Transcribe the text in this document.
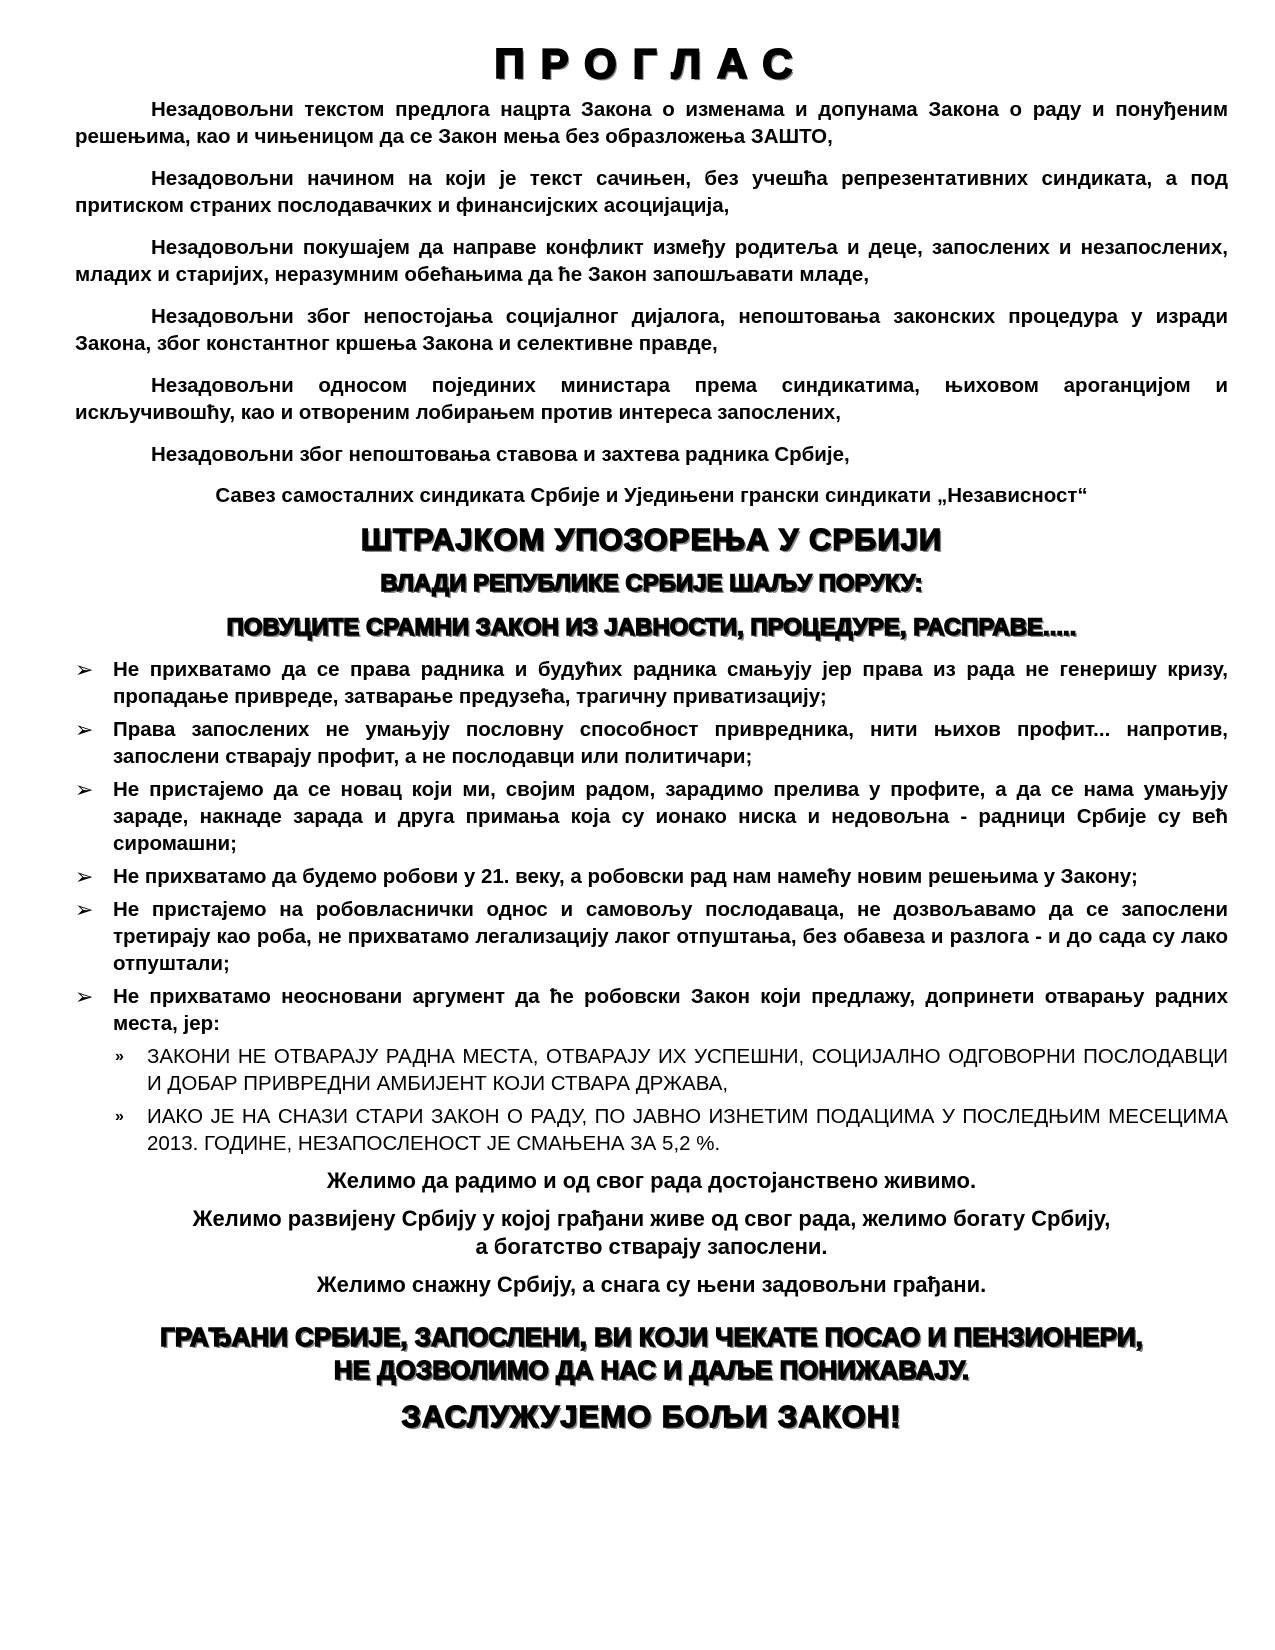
ПРОГЛАС

Незадовољни текстом предлога нацрта Закона о изменама и допунама Закона о раду и понуђеним решењима, као и чињеницом да се Закон мења без образложења ЗАШТО,

Незадовољни начином на који је текст сачињен, без учешћа репрезентативних синдиката, а под притиском страних послодавачких и финансијских асоцијација,

Незадовољни покушајем да направе конфликт између родитеља и деце, запослених и незапослених, младих и старијих, неразумним обећањима да ће Закон запошљавати младе,

Незадовољни због непостојања социјалног дијалога, непоштовања законских процедура у изради Закона, због константног кршења Закона и селективне правде,

Незадовољни односом појединих министара према синдикатима, њиховом ароганцијом и искључивошћу, као и отвореним лобирањем против интереса запослених,

Незадовољни због непоштовања ставова и захтева радника Србије,

Савез самосталних синдиката Србије и Уједињени грански синдикати „Независност“

ШТРАЈКОМ УПОЗОРЕЊА У СРБИЈИ
ВЛАДИ РЕПУБЛИКЕ СРБИЈЕ ШАЉУ ПОРУКУ:
ПОВУЦИТЕ СРАМНИ ЗАКОН ИЗ ЈАВНОСТИ, ПРОЦЕДУРЕ, РАСПРАВЕ.....
➢ Не прихватамо да се права радника и будућих радника смањују јер права из рада не генеришу кризу, пропадање привреде, затварање предузећа, трагичну приватизацију;
➢ Права запослених не умањују пословну способност привредника, нити њихов профит... напротив, запослени стварају профит, а не послодавци или политичари;
➢ Не пристајемо да се новац који ми, својим радом, зарадимо прелива у профите, а да се нама умањују зараде, накнаде зарада и друга примања која су ионако ниска и недовољна - радници Србије су већ сиромашни;
➢ Не прихватамо да будемо робови у 21. веку, а робовски рад нам намећу новим решењима у Закону;
➢ Не пристајемо на робовласнички однос и самовољу послодаваца, не дозвољавамо да се запослени третирају као роба, не прихватамо легализацију лаког отпуштања, без обавеза и разлога - и до сада су лако отпуштали;
➢ Не прихватамо неосновани аргумент да ће робовски Закон који предлажу, допринети отварању радних места, јер:
» ЗАКОНИ НЕ ОТВАРАЈУ РАДНА МЕСТА, ОТВАРАЈУ ИХ УСПЕШНИ, СОЦИЈАЛНО ОДГОВОРНИ ПОСЛОДАВЦИ И ДОБАР ПРИВРЕДНИ АМБИЈЕНТ КОЈИ СТВАРА ДРЖАВА,
» ИАКО ЈЕ НА СНАЗИ СТАРИ ЗАКОН О РАДУ, ПО ЈАВНО ИЗНЕТИМ ПОДАЦИМА У ПОСЛЕДЊИМ МЕСЕЦИМА 2013. ГОДИНЕ, НЕЗАПОСЛЕНОСТ ЈЕ СМАЊЕНА ЗА 5,2 %.

Желимо да радимо и од свог рада достојанствено живимо.

Желимо развијену Србију у којој грађани живе од свог рада, желимо богату Србију,
а богатство стварају запослени.

Желимо снажну Србију, а снага су њени задовољни грађани.

ГРАЂАНИ СРБИЈЕ, ЗАПОСЛЕНИ, ВИ КОЈИ ЧЕКАТЕ ПОСАО И ПЕНЗИОНЕРИ,
НЕ ДОЗВОЛИМО ДА НАС И ДАЉЕ ПОНИЖАВАЈУ.

ЗАСЛУЖУЈЕМО БОЉИ ЗАКОН!
